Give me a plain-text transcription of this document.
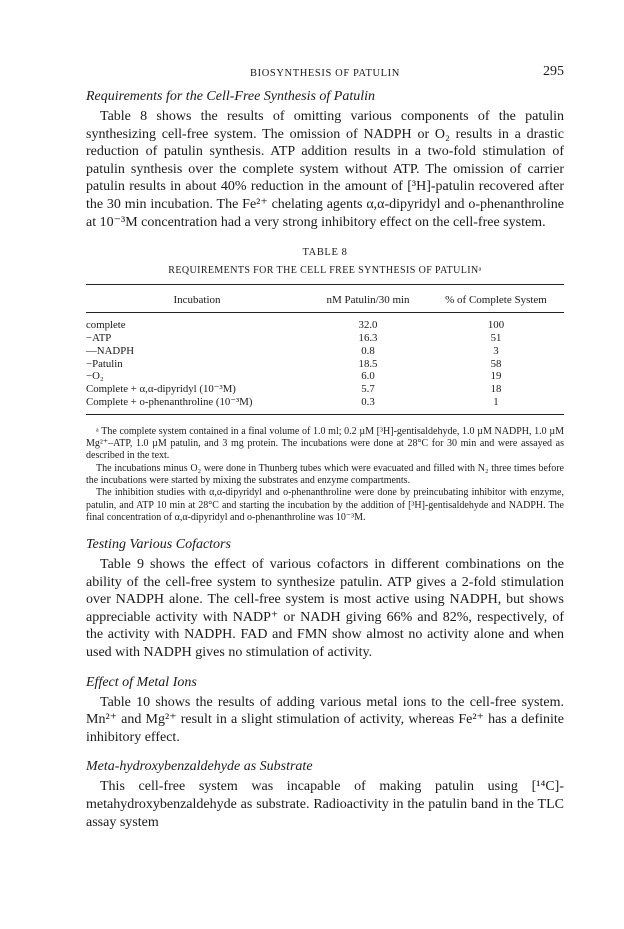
BIOSYNTHESIS OF PATULIN	295
Requirements for the Cell-Free Synthesis of Patulin

Table 8 shows the results of omitting various components of the patulin synthesizing cell-free system. The omission of NADPH or O₂ results in a drastic reduction of patulin synthesis. ATP addition results in a two-fold stimulation of patulin synthesis over the complete system without ATP. The omission of carrier patulin results in about 40% reduction in the amount of [³H]-patulin recovered after the 30 min incubation. The Fe²⁺ chelating agents α,α-dipyridyl and o-phenanthroline at 10⁻³M concentration had a very strong inhibitory effect on the cell-free system.

TABLE 8
REQUIREMENTS FOR THE CELL FREE SYNTHESIS OF PATULINᵃ
Incubation	nM Patulin/30 min	% of Complete System
complete	32.0	100
−ATP	16.3	51
—NADPH	0.8	3
−Patulin	18.5	58
−O₂	6.0	19
Complete + α,α-dipyridyl (10⁻³M)	5.7	18
Complete + o-phenanthroline (10⁻³M)	0.3	1

ᵃ The complete system contained in a final volume of 1.0 ml; 0.2 µM [³H]-gentisaldehyde, 1.0 µM NADPH, 1.0 µM Mg²⁺–ATP, 1.0 µM patulin, and 3 mg protein. The incubations were done at 28°C for 30 min and were assayed as described in the text.

The incubations minus O₂ were done in Thunberg tubes which were evacuated and filled with N₂ three times before the incubations were started by mixing the substrates and enzyme compartments.

The inhibition studies with α,α-dipyridyl and o-phenanthroline were done by preincubating inhibitor with enzyme, patulin, and ATP 10 min at 28°C and starting the incubation by the addition of [³H]-gentisaldehyde and NADPH. The final concentration of α,α-dipyridyl and o-phenanthroline was 10⁻³M.

Testing Various Cofactors

Table 9 shows the effect of various cofactors in different combinations on the ability of the cell-free system to synthesize patulin. ATP gives a 2-fold stimulation over NADPH alone. The cell-free system is most active using NADPH, but shows appreciable activity with NADP⁺ or NADH giving 66% and 82%, respectively, of the activity with NADPH. FAD and FMN show almost no activity alone and when used with NADPH gives no stimulation of activity.

Effect of Metal Ions

Table 10 shows the results of adding various metal ions to the cell-free system. Mn²⁺ and Mg²⁺ result in a slight stimulation of activity, whereas Fe²⁺ has a definite inhibitory effect.

Meta-hydroxybenzaldehyde as Substrate

This cell-free system was incapable of making patulin using [¹⁴C]-metahydroxybenzaldehyde as substrate. Radioactivity in the patulin band in the TLC assay system
